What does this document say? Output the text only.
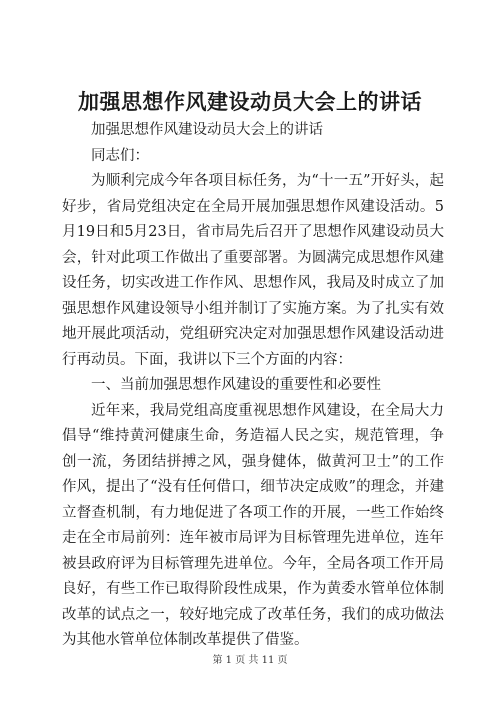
加强思想作风建设动员大会上的讲话

加强思想作风建设动员大会上的讲话

同志们：

为顺利完成今年各项目标任务，为“十一五”开好头，起好步，省局党组决定在全局开展加强思想作风建设活动。5月19日和5月23日，省市局先后召开了思想作风建设动员大会，针对此项工作做出了重要部署。为圆满完成思想作风建设任务，切实改进工作作风、思想作风，我局及时成立了加强思想作风建设领导小组并制订了实施方案。为了扎实有效地开展此项活动，党组研究决定对加强思想作风建设活动进行再动员。下面，我讲以下三个方面的内容：

一、当前加强思想作风建设的重要性和必要性

近年来，我局党组高度重视思想作风建设，在全局大力倡导“维持黄河健康生命，务造福人民之实，规范管理，争创一流，务团结拼搏之风，强身健体，做黄河卫士”的工作作风，提出了“没有任何借口，细节决定成败”的理念，并建立督查机制，有力地促进了各项工作的开展，一些工作始终走在全市局前列：连年被市局评为目标管理先进单位，连年被县政府评为目标管理先进单位。今年，全局各项工作开局良好，有些工作已取得阶段性成果，作为黄委水管单位体制改革的试点之一，较好地完成了改革任务，我们的成功做法为其他水管单位体制改革提供了借鉴。

第 1 页 共 11 页
